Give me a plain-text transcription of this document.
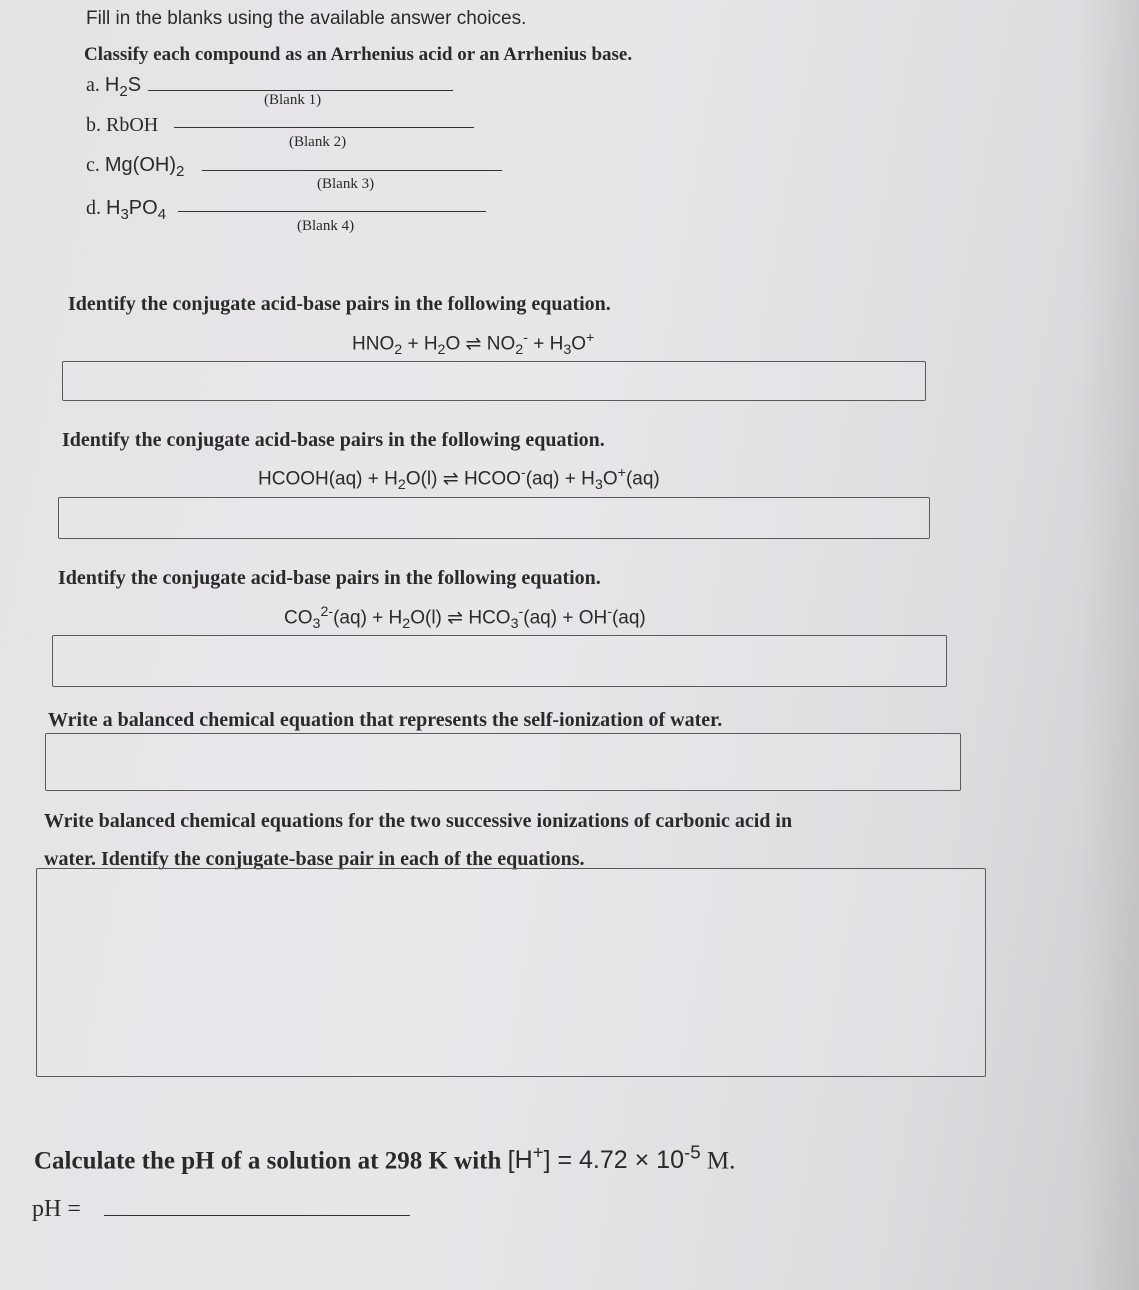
Fill in the blanks using the available answer choices.
Classify each compound as an Arrhenius acid or an Arrhenius base.
a. $H_2S$
(Blank 1)
b. RbOH
(Blank 2)
c. $Mg(OH)_2$
(Blank 3)
d. $H_3PO_4$
(Blank 4)
Identify the conjugate acid-base pairs in the following equation.
$HNO_2 + H_2O$ ⇌ $NO_2^- + H_3O^+$
Identify the conjugate acid-base pairs in the following equation.
HCOOH(aq) + $H_2O(l)$ ⇌ HCOO-(aq) + $H_3O^+(aq)$
Identify the conjugate acid-base pairs in the following equation.
$CO_3^{2-}(aq) + H_2O(l)$ ⇌ $HCO_3^-(aq) + OH^-(aq)$
Write a balanced chemical equation that represents the self-ionization of water.
Write balanced chemical equations for the two successive ionizations of carbonic acid in
water. Identify the conjugate-base pair in each of the equations.
Calculate the pH of a solution at 298 K with $[H^+] = 4.72 \times 10^{-5}$ M.
pH =
